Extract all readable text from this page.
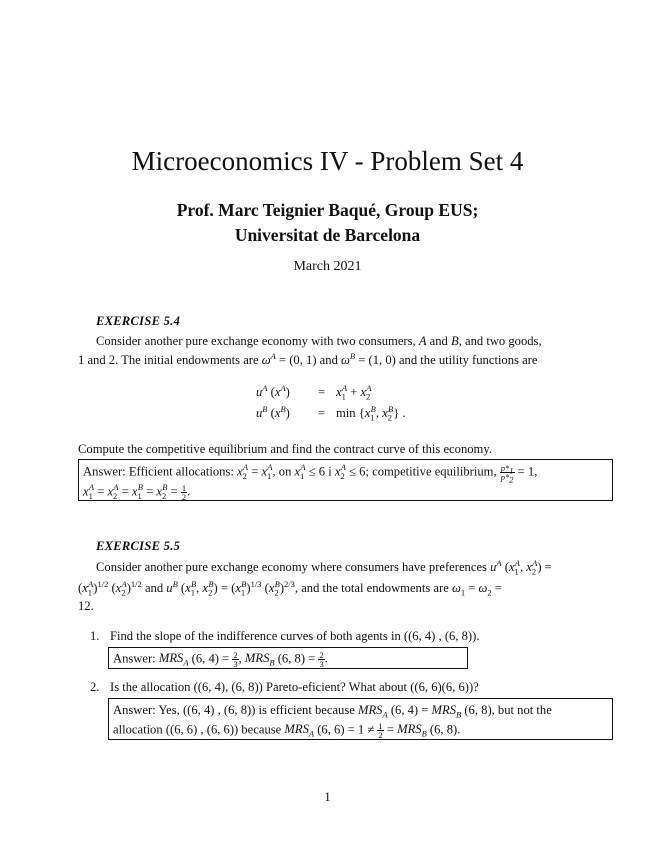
Microeconomics IV - Problem Set 4
Prof. Marc Teignier Baqué, Group EUS;
Universitat de Barcelona
March 2021
EXERCISE 5.4
Consider another pure exchange economy with two consumers, A and B, and two goods,
1 and 2. The initial endowments are $\omega^A = (0$, 1) and $\omega^B = (1$, 0) and the utility functions are
$u^A$ $(x^A) = x_1^A + x_2^A$
$u^B$ $(x^B) = \min \{x_1^B$, $x_2^B$} .
Compute the competitive equilibrium and find the contract curve of this economy.
Answer: Efficient allocations: $x_2^A = x_1^A$, on $x_1^A \le 6$ i $x_2^A \le 6$; competitive equilibrium, $\frac{p*_1}{p*_2} = 1$,
$x_1^A = x_2^A = x_1^B = x_2^B = \frac{1}{2}$ .
EXERCISE 5.5
Consider another pure exchange economy where consumers have preferences $u^A$ ($x_1^A$, $x_2^A$) =
$(x_1^A)^{1/2}$ $(x_2^A)^{1/2}$ and $u^B$ ($x_1^B$, $x_2^B) = (x_1^B)^{1/3}$ $(x_2^B)^{2/3}$, and the total endowments are $\omega_1 = \omega_2$ =
12.
1. Find the slope of the indifference curves of both agents in ((6, 4) , (6, 8)).
Answer: $MRS_A$ (6, $4) = \frac{2}{3}$ , $MRS_B$ (6, $8) = \frac{2}{3}$ .
2. Is the allocation ((6, 4), (6, 8)) Pareto-eficient? What about ((6, 6)(6, 6))?
Answer: Yes, ((6, 4) , (6, 8)) is efficient because $MRS_A$ (6, $4) = MRS_B$ (6, 8), but not the
allocation ((6, 6) , (6, 6)) because $MRS_A$ (6, $6) = 1 \ne \frac{1}{2} = MRS_B$ (6, 8).
1
